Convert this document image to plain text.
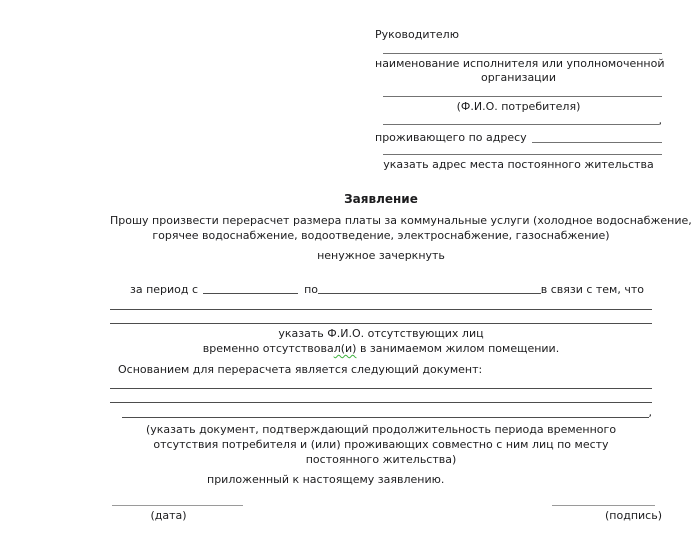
Руководителю
наименование исполнителя или уполномоченной
организации
(Ф.И.О. потребителя)
,
проживающего по адресу
указать адрес места постоянного жительства
Заявление
Прошу произвести перерасчет размера платы за коммунальные услуги (холодное водоснабжение,
горячее водоснабжение, водоотведение, электроснабжение, газоснабжение)
ненужное зачеркнуть
за период с	по	в связи с тем, что
указать Ф.И.О. отсутствующих лиц
временно отсутствовал(и) в занимаемом жилом помещении.
Основанием для перерасчета является следующий документ:
,
(указать документ, подтверждающий продолжительность периода временного
отсутствия потребителя и (или) проживающих совместно с ним лиц по месту
постоянного жительства)
приложенный к настоящему заявлению.
(дата)	(подпись)
